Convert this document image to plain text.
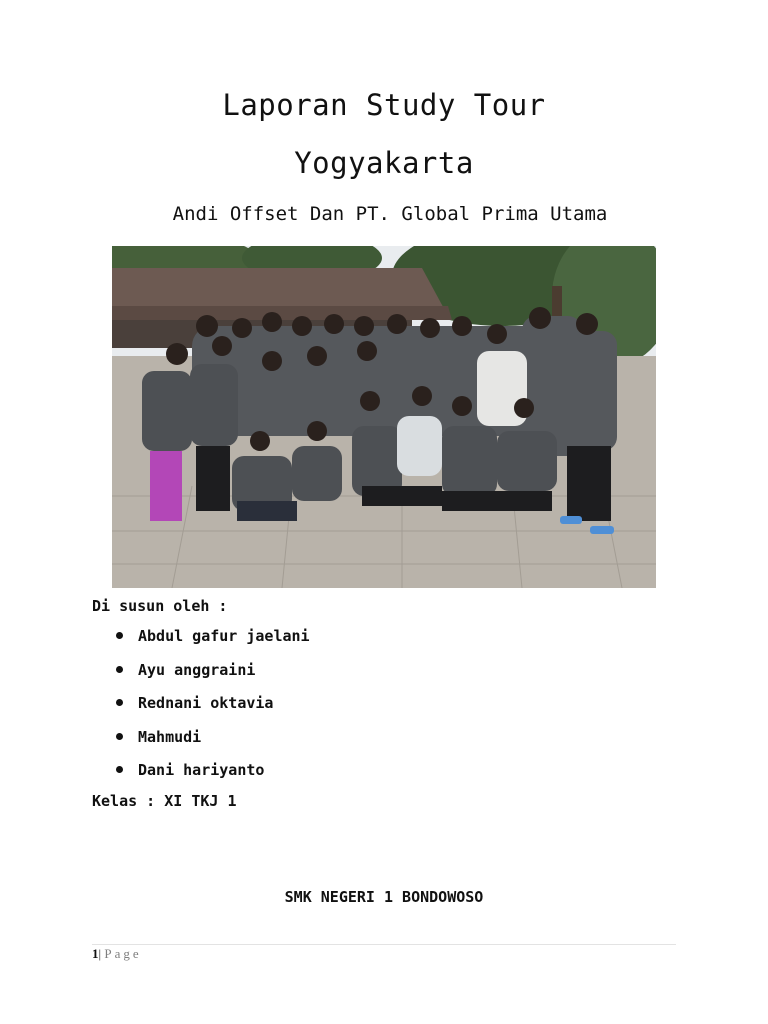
Laporan Study Tour
Yogyakarta
Andi Offset Dan PT. Global Prima Utama
Di susun oleh :
Abdul gafur jaelani
Ayu anggraini
Rednani oktavia
Mahmudi
Dani hariyanto
Kelas : XI TKJ 1
SMK NEGERI 1 BONDOWOSO
1| Page
